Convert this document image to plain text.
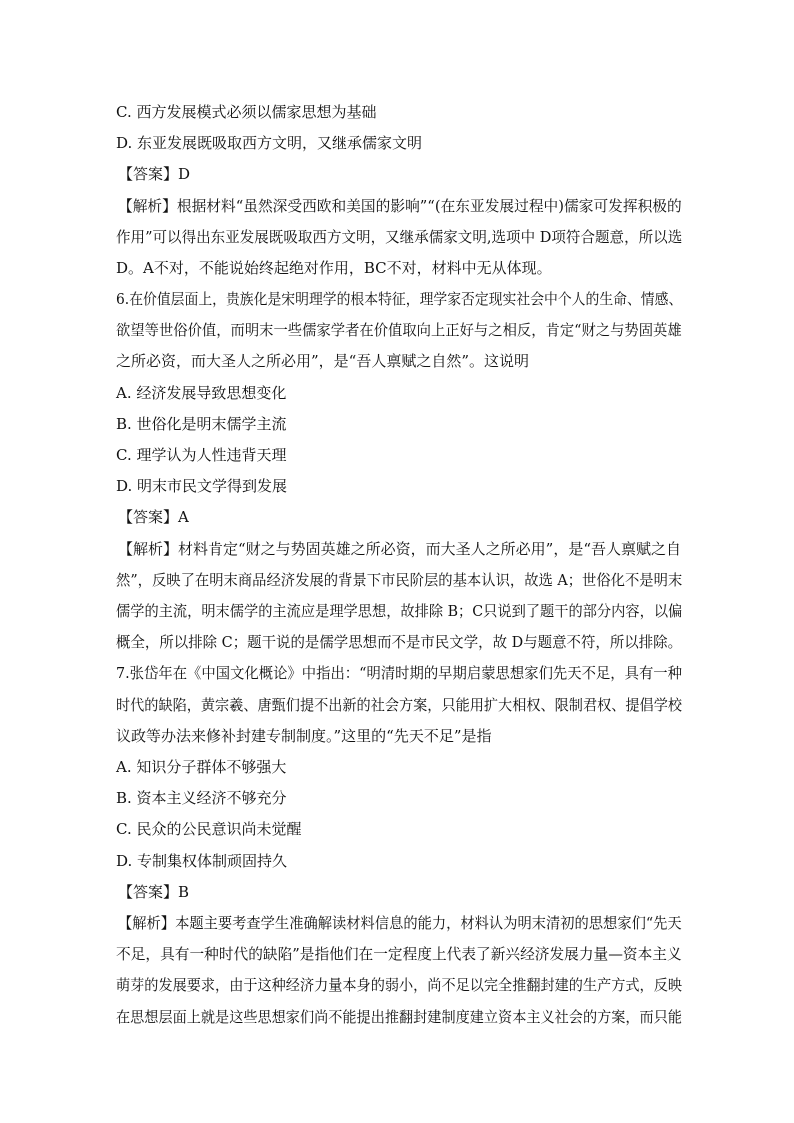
C. 西方发展模式必须以儒家思想为基础
D. 东亚发展既吸取西方文明，又继承儒家文明
【答案】D
【解析】根据材料“虽然深受西欧和美国的影响”“(在东亚发展过程中)儒家可发挥积极的
作用”可以得出东亚发展既吸取西方文明，又继承儒家文明,选项中 D项符合题意，所以选
D。A不对，不能说始终起绝对作用，BC不对，材料中无从体现。
6.在价值层面上，贵族化是宋明理学的根本特征，理学家否定现实社会中个人的生命、情感、
欲望等世俗价值，而明末一些儒家学者在价值取向上正好与之相反，肯定“财之与势固英雄
之所必资，而大圣人之所必用”，是“吾人禀赋之自然”。这说明
A. 经济发展导致思想变化
B. 世俗化是明末儒学主流
C. 理学认为人性违背天理
D. 明末市民文学得到发展
【答案】A
【解析】材料肯定“财之与势固英雄之所必资，而大圣人之所必用”，是“吾人禀赋之自
然”，反映了在明末商品经济发展的背景下市民阶层的基本认识，故选 A；世俗化不是明末
儒学的主流，明末儒学的主流应是理学思想，故排除 B；C只说到了题干的部分内容，以偏
概全，所以排除 C；题干说的是儒学思想而不是市民文学，故 D与题意不符，所以排除。
7.张岱年在《中国文化概论》中指出：“明清时期的早期启蒙思想家们先天不足，具有一种
时代的缺陷，黄宗羲、唐甄们提不出新的社会方案，只能用扩大相权、限制君权、提倡学校
议政等办法来修补封建专制制度。”这里的“先天不足”是指
A. 知识分子群体不够强大
B. 资本主义经济不够充分
C. 民众的公民意识尚未觉醒
D. 专制集权体制顽固持久
【答案】B
【解析】本题主要考查学生准确解读材料信息的能力，材料认为明末清初的思想家们“先天
不足，具有一种时代的缺陷”是指他们在一定程度上代表了新兴经济发展力量—资本主义
萌芽的发展要求，由于这种经济力量本身的弱小，尚不足以完全推翻封建的生产方式，反映
在思想层面上就是这些思想家们尚不能提出推翻封建制度建立资本主义社会的方案，而只能
